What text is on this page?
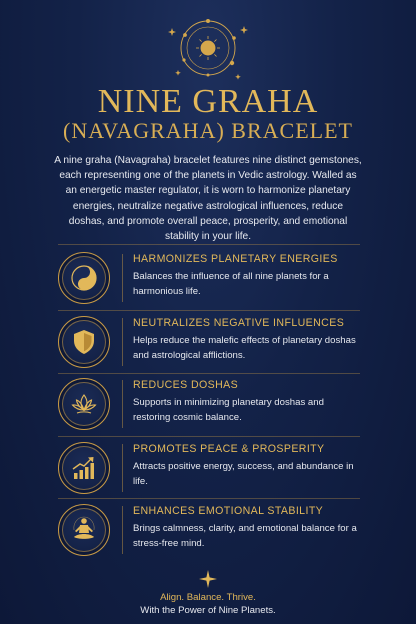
NINE GRAHA
(NAVAGRAHA) BRACELET
A nine graha (Navagraha) bracelet features nine distinct gemstones, each representing one of the planets in Vedic astrology. Walled as an energetic master regulator, it is worn to harmonize planetary energies, neutralize negative astrological influences, reduce doshas, and promote overall peace, prosperity, and emotional stability in your life.
HARMONIZES PLANETARY ENERGIES
Balances the influence of all nine planets for a harmonious life.
NEUTRALIZES NEGATIVE INFLUENCES
Helps reduce the malefic effects of planetary doshas and astrological afflictions.
REDUCES DOSHAS
Supports in minimizing planetary doshas and restoring cosmic balance.
PROMOTES PEACE & PROSPERITY
Attracts positive energy, success, and abundance in life.
ENHANCES EMOTIONAL STABILITY
Brings calmness, clarity, and emotional balance for a stress-free mind.
Align. Balance. Thrive.
With the Power of Nine Planets.
